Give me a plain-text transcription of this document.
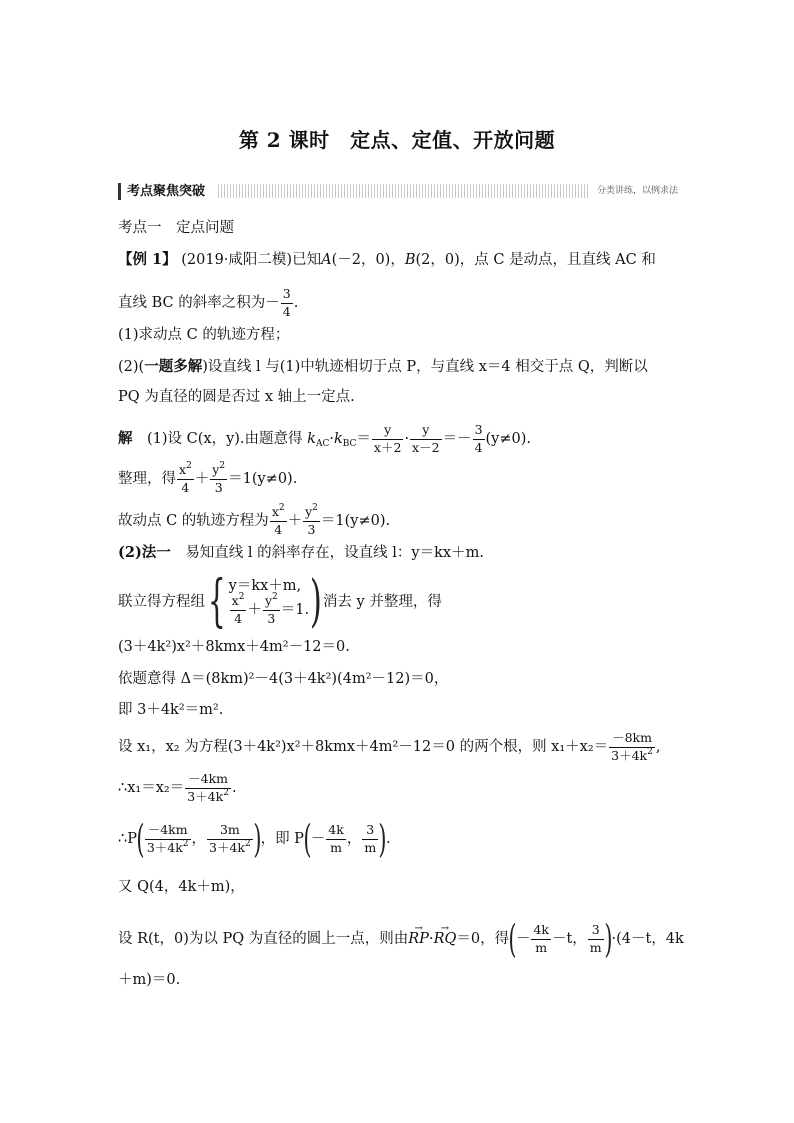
第 2 课时　定点、定值、开放问题
考点聚焦突破	分类讲练，以例求法
考点一　定点问题
【例 1】 (2019·咸阳二模)已知A(－2，0)，B(2，0)，点 C 是动点，且直线 AC 和
直线 BC 的斜率之积为－ $\frac{3}{4}$ .
(1)求动点 C 的轨迹方程；
(2)(一题多解)设直线 l 与(1)中轨迹相切于点 P，与直线 x＝4 相交于点 Q，判断以
PQ 为直径的圆是否过 x 轴上一定点.
解　 (1)设 C(x，y).由题意得 $k_{AC}\cdot k_{BC}= \frac{y}{x+2} \cdot \frac{y}{x-2} =- \frac{3}{4} (y\ne 0)$.
整理，得 $\frac{x^2}{4} + \frac{y^2}{3} =1(y\ne 0)$.
故动点 C 的轨迹方程为 $\frac{x^2}{4} + \frac{y^2}{3} =1(y\ne 0)$.
(2)法一　 易知直线 l 的斜率存在，设直线 l：y＝kx＋m.
联立得方程组{ y＝kx＋m,
$\frac{x^2}{4} + \frac{y^2}{3} =1$. )消去 y 并整理，得
(3＋4k²)x²＋8kmx＋4m²－12＝0.
依题意得 Δ＝(8km)²－4(3＋4k²)(4m²－12)＝0，
即 3＋4k²＝m².
设 x₁，x₂ 为方程(3＋4k²)x²＋8kmx＋4m²－12＝0 的两个根，则 $x_1+x_2= \frac{-8km}{3+4k^2}$ ,
∴x₁＝x₂＝ $\frac{-4km}{3+4k^2}$ .
∴P( $\frac{-4km}{3+4k^2}$ ， $\frac{3m}{3+4k^2}$ )，即 $P(- \frac{4k}{m}$ ， $\frac{3}{m}$ ).
又 Q(4，4k＋m)，
设 R(t，0)为以 PQ 为直径的圆上一点，则由→ RP·→ RQ＝0，得(－ $\frac{4k}{m} -t$， $\frac{3}{m} )\cdot(4-t$，4k
＋m)＝0.
